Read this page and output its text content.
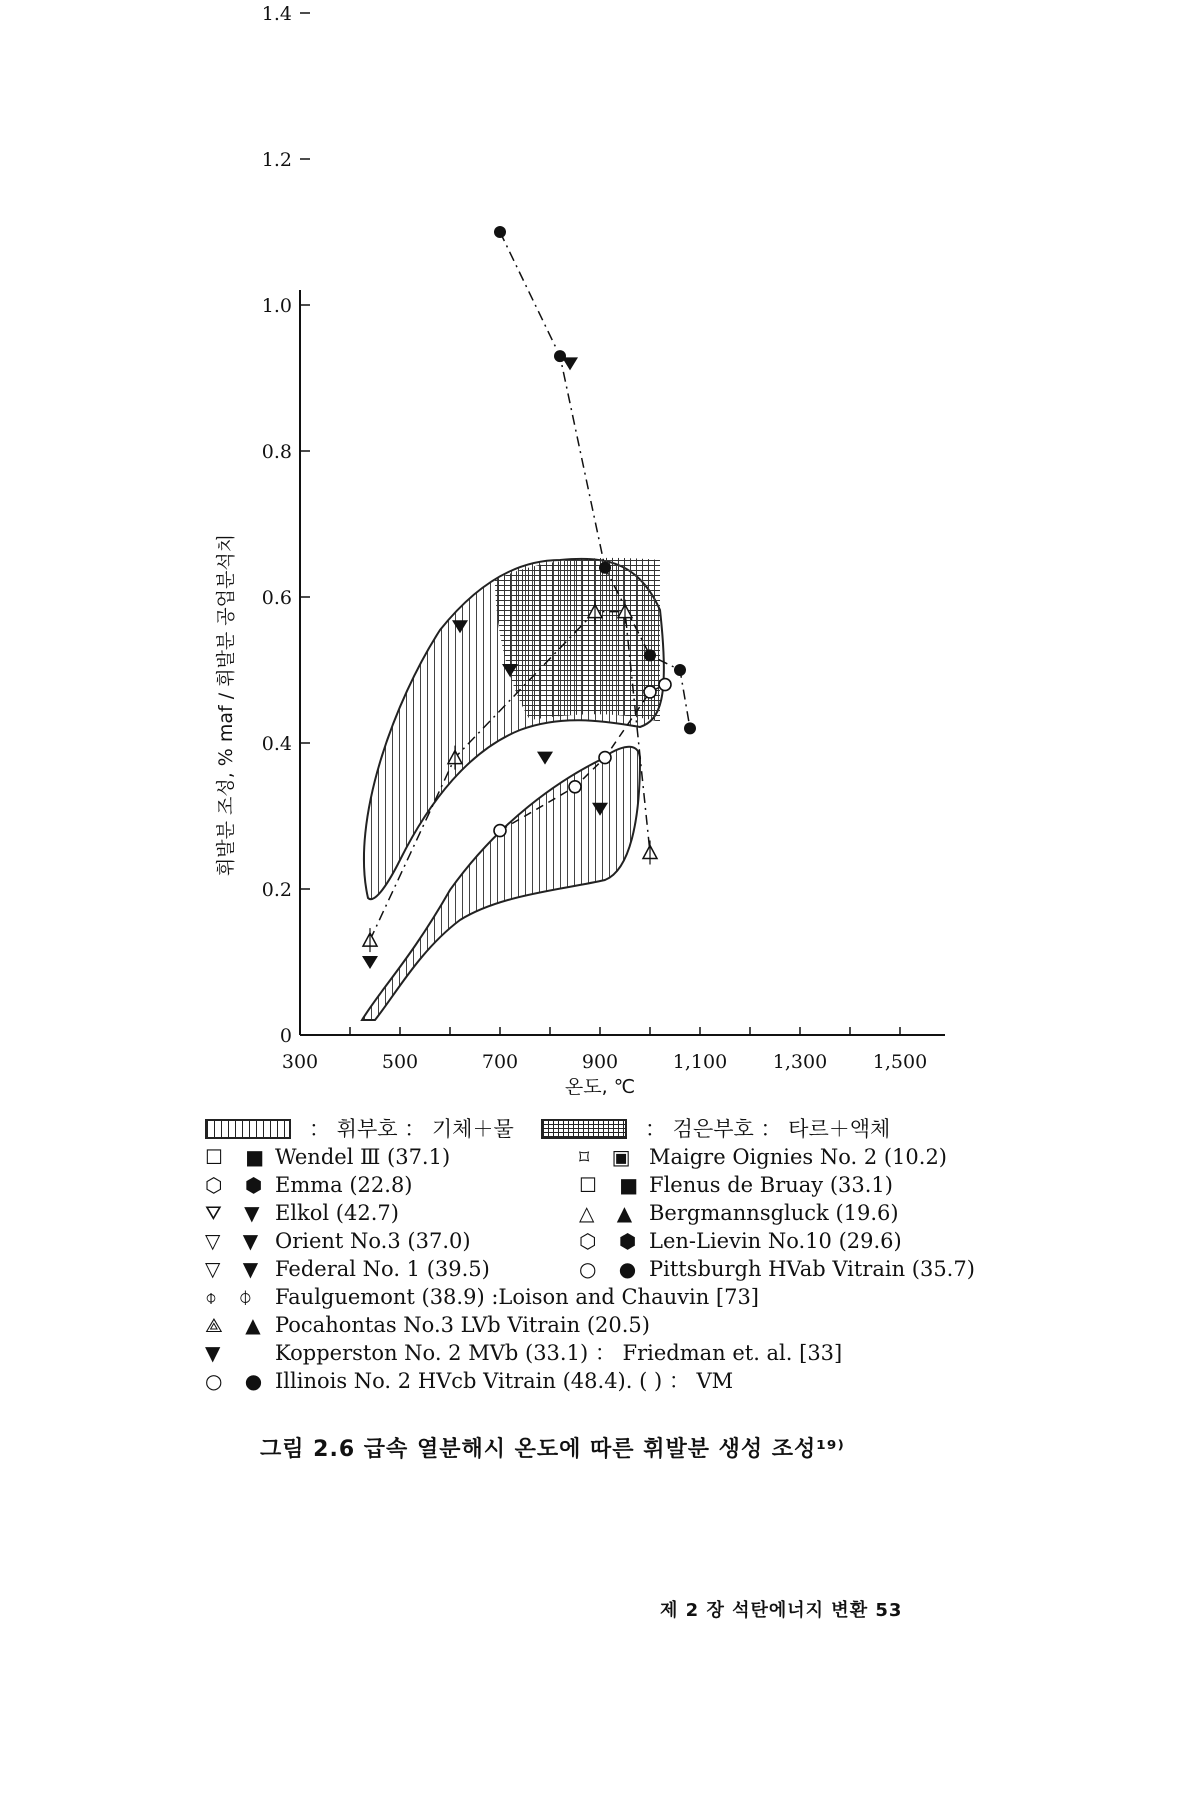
300	500	700	900	1,100 1,300 1,500
0
0.2
0.4
0.6
0.8
1.0
1.2
1.4
온도, ℃
휘발분 조성, % maf / 휘발분 공업분석치
： 휘부호 ： 기체＋물	： 검은부호 ： 타르＋액체
☐ ■ Wendel Ⅲ (37.1)	⌑ ▣ Maigre Oignies No. 2 (10.2)
⬡ ⬢ Emma (22.8)	☐ ■ Flenus de Bruay (33.1)
⛛ ▼ Elkol (42.7)	△ ▲ Bergmannsgluck (19.6)
▽ ▼ Orient No.3 (37.0)	⬡ ⬢ Len-Lievin No.10 (29.6)
▽ ▼ Federal No. 1 (39.5)	○ ● Pittsburgh HVab Vitrain (35.7)
⌽ ⏀ Faulguemont (38.9) :Loison and Chauvin [73]
⟁ ▲ Pocahontas No.3 LVb Vitrain (20.5)
▼	Kopperston No. 2 MVb (33.1) ： Friedman et. al. [33]
○ ● Illinois No. 2 HVcb Vitrain (48.4). ( ) ： VM
그림 2.6 급속 열분해시 온도에 따른 휘발분 생성 조성¹⁹⁾
제 2 장 석탄에너지 변환 53
